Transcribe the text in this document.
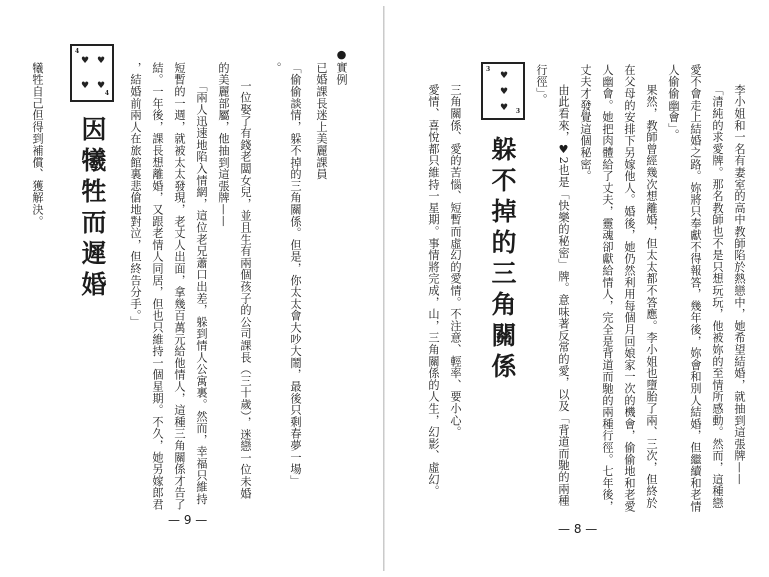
●實例
已婚課長迷上美麗課員
「偷偷談情，躲不掉的三角關係。但是，你太太會大吵大鬧，最後只剩春夢一場」
。
一位娶了有錢老闆女兒，並且生有兩個孩子的公司課長（三十歲），迷戀一位未婚
的美麗部屬，他抽到這張牌——
「兩人迅速地陷入情網，這位老兄蕭口出差，躲到情人公寓裏。然而，幸福只維持
短暫的一週，就被太太發現，老丈人出面，拿幾百萬元給他情人，這種三角關係才告了
結。一年後，課長想離婚，又跟老情人同居，但也只維持一個星期。不久，她另嫁郎君
，結婚前兩人在旅館裏悲傖地對泣，但終告分手。」
4
♥ ♥
♥ ♥
4
因犧牲而遲婚
犧牲自己但得到補償、獲解決。
— 9 —
李小姐和一名有妻室的高中教師陷於熱戀中，她希望結婚，就抽到這張牌——
「清純的求愛牌。那名教師也不是只想玩玩，他被妳的至情所感動。然而，這種戀
愛不會走上結婚之路。妳將只奉獻不得報答，幾年後，妳會和別人結婚，但繼續和老情
人偷偷幽會」。
果然，教師曾經幾次想離婚，但太太都不答應。李小姐也墮胎了兩、三次，但終於
在父母的安排下另嫁他人。婚後，她仍然利用每個月回娘家一次的機會，偷偷地和老愛
人幽會。她把肉體給了丈夫，靈魂卻獻給情人，完全是背道而馳的兩種行徑。七年後，
丈夫才發覺這個秘密。
由此看來，♥2也是「快樂的秘密」牌。意味著反常的愛，以及「背道而馳的兩種
行徑」。
3
♥
♥
♥ 3
躲不掉的三角關係
三角關係、愛的苦惱、短暫而虛幻的愛情。不注意、輕率、要小心。
愛情、喜悅都只維持一星期。事情將完成，山，三角關係的人生，幻影、虛幻。
— 8 —
